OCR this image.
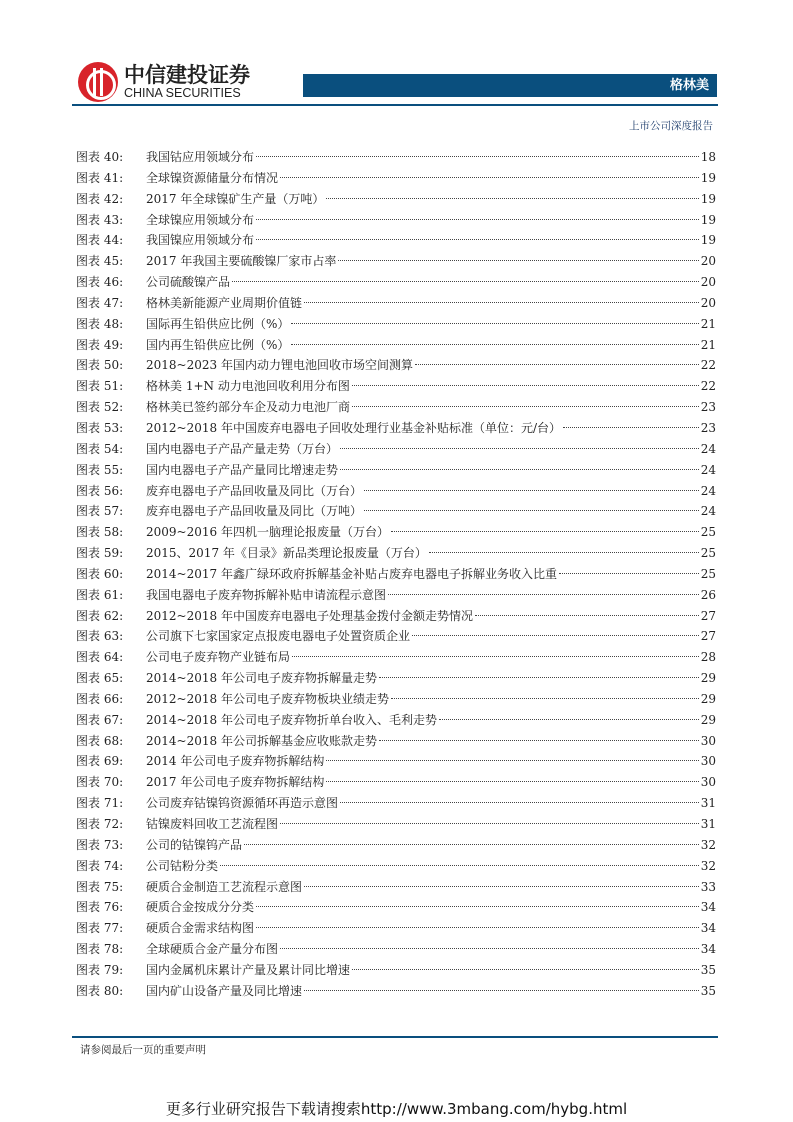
中信建投证券
CHINA SECURITIES	格林美
上市公司深度报告
图表 40:	我国钴应用领域分布	18
图表 41:	全球镍资源储量分布情况	19
图表 42:	2017 年全球镍矿生产量（万吨）	19
图表 43:	全球镍应用领域分布	19
图表 44:	我国镍应用领域分布	19
图表 45:	2017 年我国主要硫酸镍厂家市占率	20
图表 46:	公司硫酸镍产品	20
图表 47:	格林美新能源产业周期价值链	20
图表 48:	国际再生铅供应比例（%）	21
图表 49:	国内再生铅供应比例（%）	21
图表 50:	2018~2023 年国内动力锂电池回收市场空间测算	22
图表 51:	格林美 1+N 动力电池回收利用分布图	22
图表 52:	格林美已签约部分车企及动力电池厂商	23
图表 53:	2012~2018 年中国废弃电器电子回收处理行业基金补贴标准（单位：元/台）	23
图表 54:	国内电器电子产品产量走势（万台）	24
图表 55:	国内电器电子产品产量同比增速走势	24
图表 56:	废弃电器电子产品回收量及同比（万台）	24
图表 57:	废弃电器电子产品回收量及同比（万吨）	24
图表 58:	2009~2016 年四机一脑理论报废量（万台）	25
图表 59:	2015、2017 年《目录》新品类理论报废量（万台）	25
图表 60:	2014~2017 年鑫广绿环政府拆解基金补贴占废弃电器电子拆解业务收入比重	25
图表 61:	我国电器电子废弃物拆解补贴申请流程示意图	26
图表 62:	2012~2018 年中国废弃电器电子处理基金拨付金额走势情况	27
图表 63:	公司旗下七家国家定点报废电器电子处置资质企业	27
图表 64:	公司电子废弃物产业链布局	28
图表 65:	2014~2018 年公司电子废弃物拆解量走势	29
图表 66:	2012~2018 年公司电子废弃物板块业绩走势	29
图表 67:	2014~2018 年公司电子废弃物折单台收入、毛利走势	29
图表 68:	2014~2018 年公司拆解基金应收账款走势	30
图表 69:	2014 年公司电子废弃物拆解结构	30
图表 70:	2017 年公司电子废弃物拆解结构	30
图表 71:	公司废弃钴镍钨资源循环再造示意图	31
图表 72:	钴镍废料回收工艺流程图	31
图表 73:	公司的钴镍钨产品	32
图表 74:	公司钴粉分类	32
图表 75:	硬质合金制造工艺流程示意图	33
图表 76:	硬质合金按成分分类	34
图表 77:	硬质合金需求结构图	34
图表 78:	全球硬质合金产量分布图	34
图表 79:	国内金属机床累计产量及累计同比增速	35
图表 80:	国内矿山设备产量及同比增速	35
请参阅最后一页的重要声明
更多行业研究报告下载请搜索http://www.3mbang.com/hybg.html
